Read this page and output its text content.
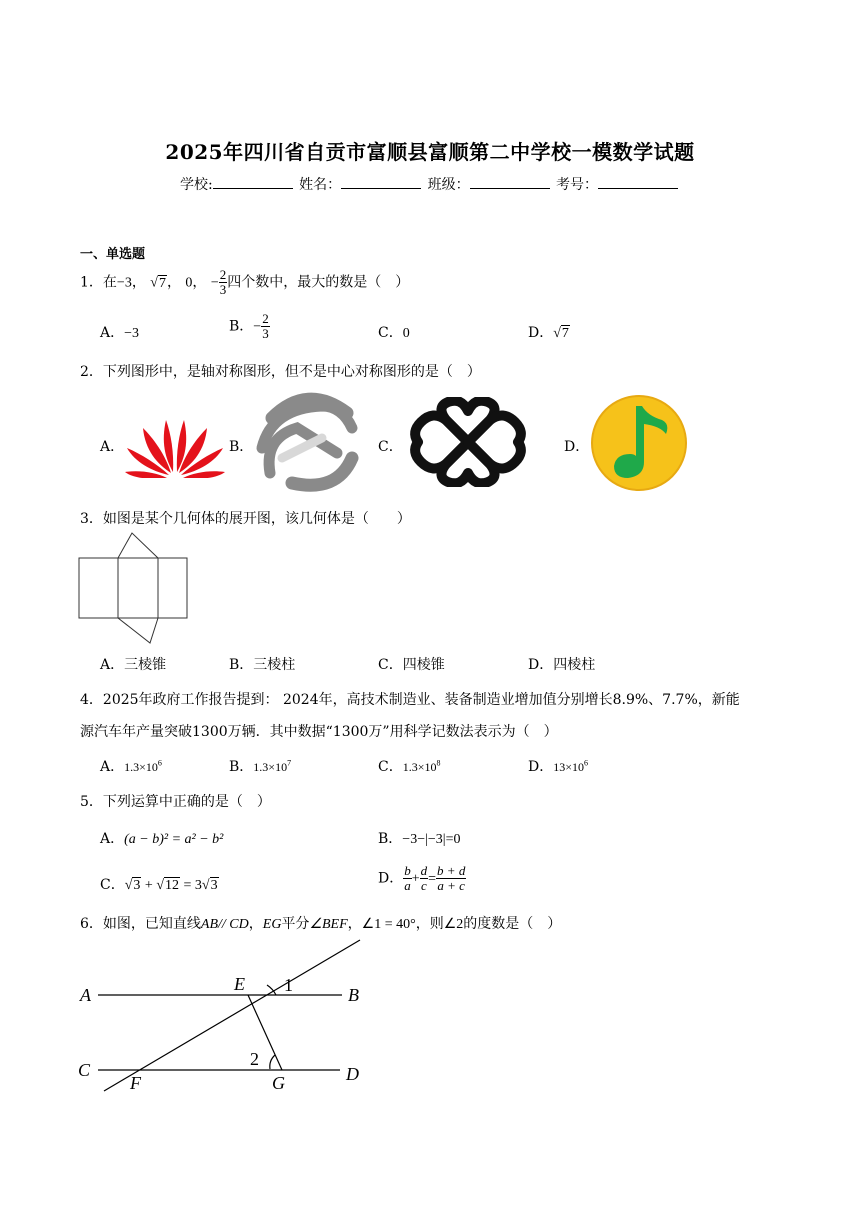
2025年四川省自贡市富顺县富顺第二中学校一模数学试题
学校:	姓名：	班级：	考号：
一、单选题
1．在−3， √7， 0， − $\frac{2}{3}$ 四个数中，最大的数是（　）
A．−3	B．− $\frac{2}{3}$	C．0	D．√7
2．下列图形中，是轴对称图形，但不是中心对称图形的是（　）
A．	B．	C．	D．
3．如图是某个几何体的展开图，该几何体是（　　）
A．三棱锥	B．三棱柱	C．四棱锥	D．四棱柱
4．2025年政府工作报告提到： 2024年，高技术制造业、装备制造业增加值分别增长8.9%、7.7%，新能
源汽车年产量突破1300万辆．其中数据“1300万”用科学记数法表示为（　）
A．$1.3\times 10^6$	B．$1.3\times 10^7$	C．$1.3\times 10^8$	D．$13\times 10^6$
5．下列运算中正确的是（　）
A．(a − b)² = a² − b²	B．−3−|−3|=0
C．√3 + √12 = 3√3	D． $\frac{b}{a} + \frac{d}{c} = \frac{b + d}{a + c}$
6．如图，已知直线AB// CD，EG平分∠BEF，∠1 = 40°，则∠2的度数是（　）
A	B
C	D
E
F	G
1
2
